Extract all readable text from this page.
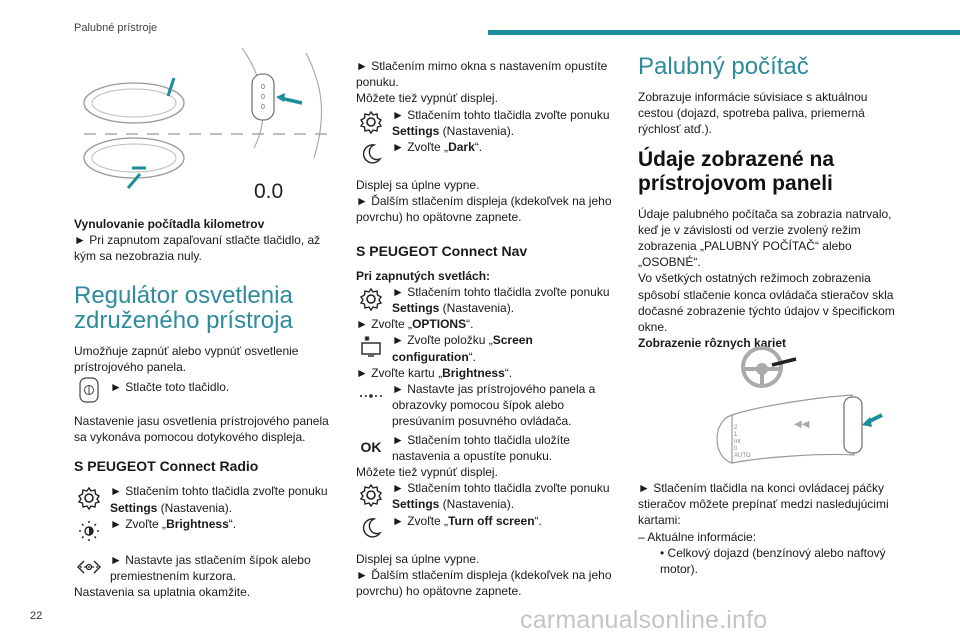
Palubné prístroje
0
0
0
0.0

Vynulovanie počítadla kilometrov

► Pri zapnutom zapaľovaní stlačte tlačidlo, až kým sa nezobrazia nuly.

Regulátor osvetlenia združeného prístroja

Umožňuje zapnúť alebo vypnúť osvetlenie prístrojového panela.

► Stlačte toto tlačidlo.

Nastavenie jasu osvetlenia prístrojového panela sa vykonáva pomocou dotykového displeja.

S PEUGEOT Connect Radio
► Stlačením tohto tlačidla zvoľte ponuku Settings (Nastavenia).
► Zvoľte „Brightness“.
► Nastavte jas stlačením šípok alebo premiestnením kurzora.

Nastavenia sa uplatnia okamžite.

► Stlačením mimo okna s nastavením opustíte ponuku.

Môžete tiež vypnúť displej.

► Stlačením tohto tlačidla zvoľte ponuku Settings (Nastavenia).
► Zvoľte „Dark“.

Displej sa úplne vypne.

► Ďalším stlačením displeja (kdekoľvek na jeho povrchu) ho opätovne zapnete.

S PEUGEOT Connect Nav

Pri zapnutých svetlách:

► Stlačením tohto tlačidla zvoľte ponuku Settings (Nastavenia).

► Zvoľte „OPTIONS“.

► Zvoľte položku „Screen configuration“.

► Zvoľte kartu „Brightness“.

► Nastavte jas prístrojového panela a obrazovky pomocou šípok alebo presúvaním posuvného ovládača.
OK ► Stlačením tohto tlačidla uložíte nastavenia a opustíte ponuku.

Môžete tiež vypnúť displej.

► Stlačením tohto tlačidla zvoľte ponuku Settings (Nastavenia).
► Zvoľte „Turn off screen“.

Displej sa úplne vypne.

► Ďalším stlačením displeja (kdekoľvek na jeho povrchu) ho opätovne zapnete.

Palubný počítač

Zobrazuje informácie súvisiace s aktuálnou cestou (dojazd, spotreba paliva, priemerná rýchlosť atď.).

Údaje zobrazené na prístrojovom paneli

Údaje palubného počítača sa zobrazia natrvalo, keď je v závislosti od verzie zvolený režim zobrazenia „PALUBNÝ POČÍTAČ“ alebo „OSOBNÉ“.

Vo všetkých ostatných režimoch zobrazenia spôsobí stlačenie konca ovládača stieračov skla dočasné zobrazenie týchto údajov v špecifickom okne.

Zobrazenie rôznych kariet

2
1
Int
0
AUTO
◀◀

► Stlačením tlačidla na konci ovládacej páčky stieračov môžete prepínať medzi nasledujúcimi kartami:

– Aktuálne informácie:

• Celkový dojazd (benzínový alebo naftový motor).

22	carmanualsonline.info
